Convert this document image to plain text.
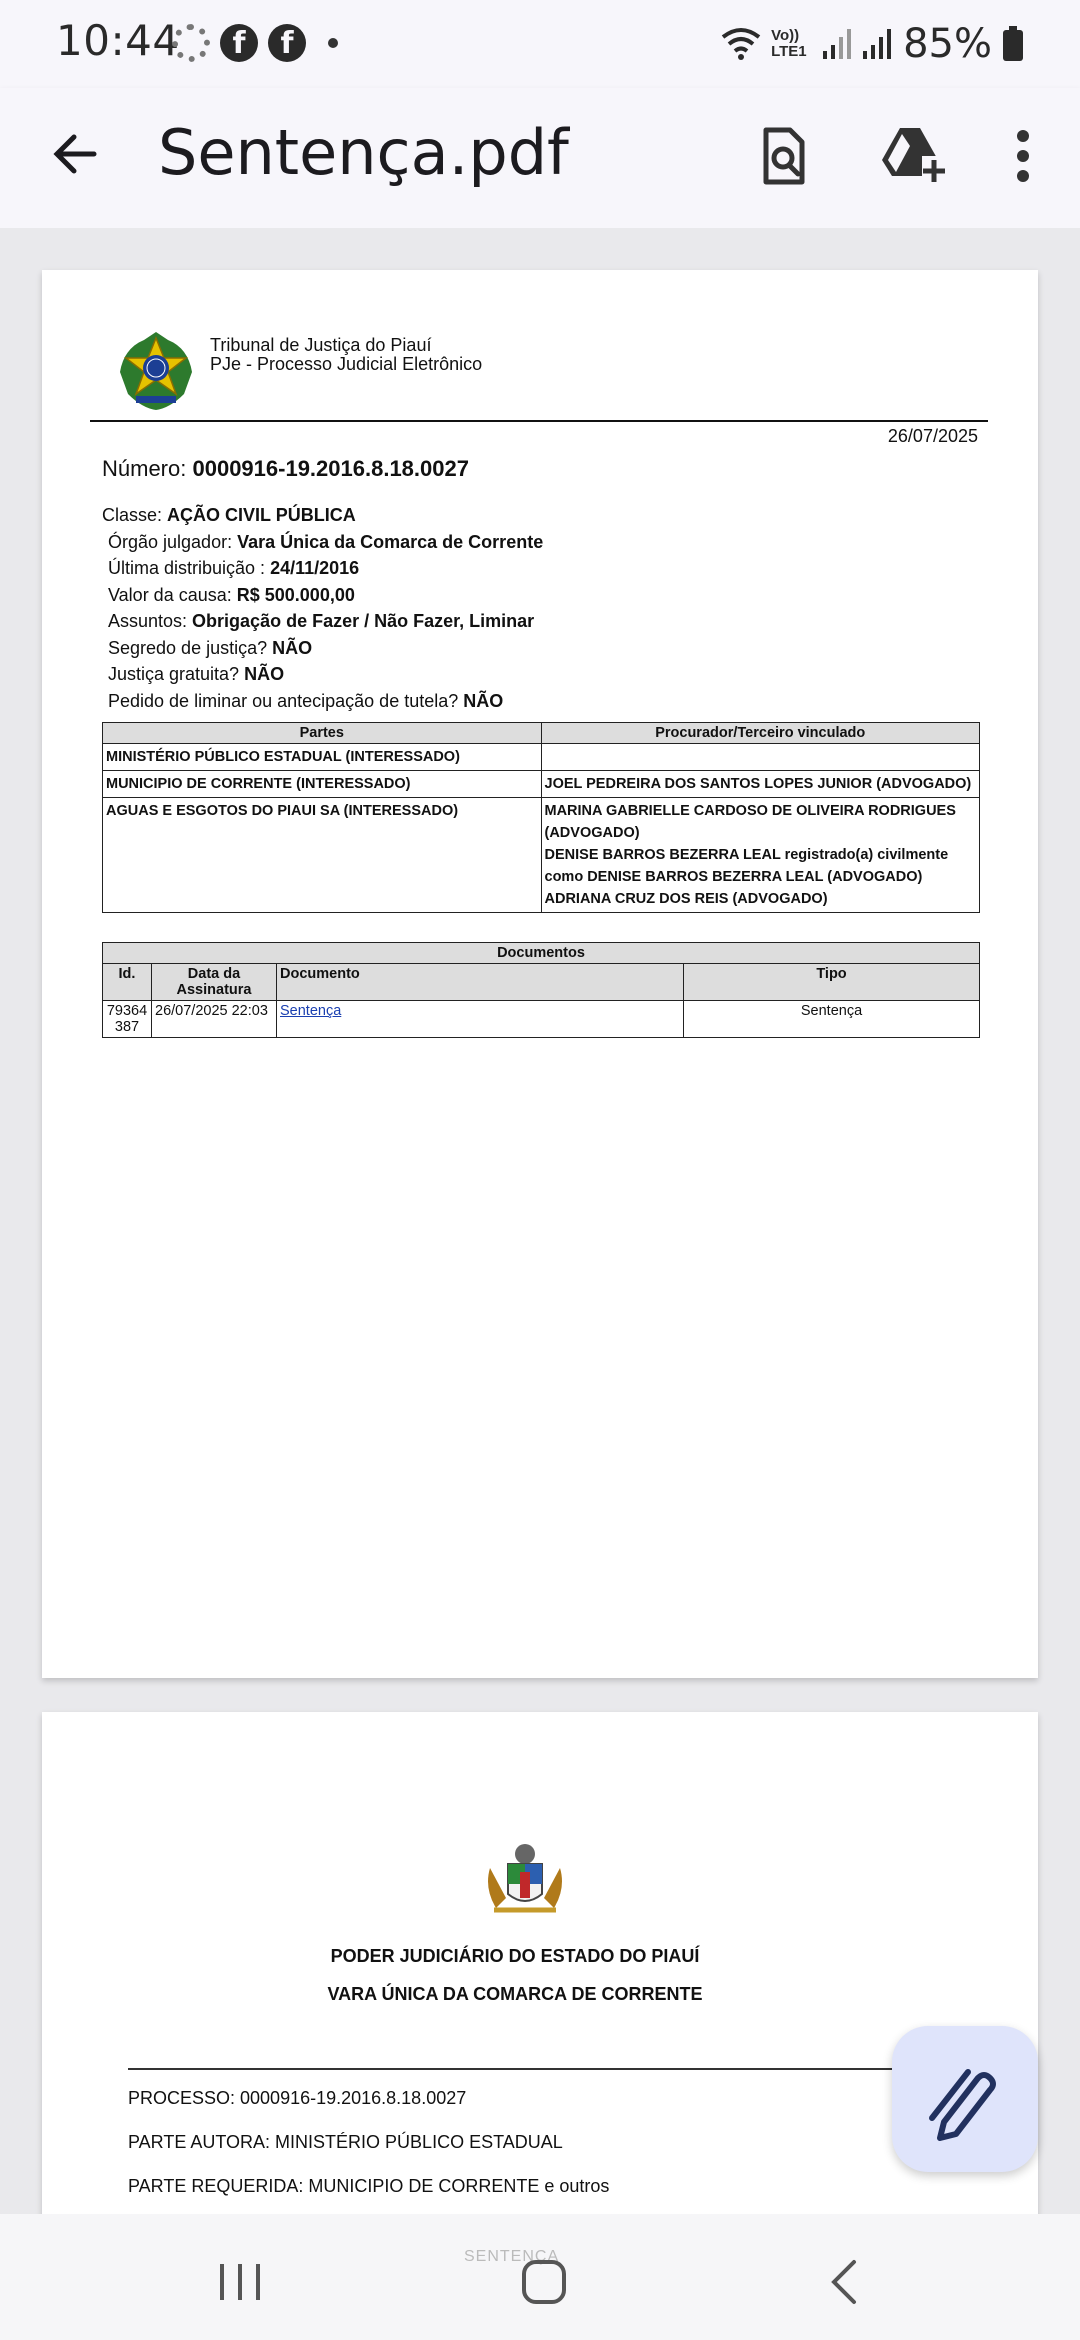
10:44	f	f	Vo)) LTE1 85%
Sentença.pdf
Tribunal de Justiça do Piauí
PJe - Processo Judicial Eletrônico
26/07/2025
Número: 0000916-19.2016.8.18.0027
Classe: AÇÃO CIVIL PÚBLICA
Órgão julgador: Vara Única da Comarca de Corrente
Última distribuição : 24/11/2016
Valor da causa: R$ 500.000,00
Assuntos: Obrigação de Fazer / Não Fazer, Liminar
Segredo de justiça? NÃO
Justiça gratuita? NÃO
Pedido de liminar ou antecipação de tutela? NÃO
Partes	Procurador/Terceiro vinculado
MINISTÉRIO PÚBLICO ESTADUAL (INTERESSADO)	
MUNICIPIO DE CORRENTE (INTERESSADO)	JOEL PEDREIRA DOS SANTOS LOPES JUNIOR (ADVOGADO)
AGUAS E ESGOTOS DO PIAUI SA (INTERESSADO)	MARINA GABRIELLE CARDOSO DE OLIVEIRA RODRIGUES (ADVOGADO)
DENISE BARROS BEZERRA LEAL registrado(a) civilmente como DENISE BARROS BEZERRA LEAL (ADVOGADO)
ADRIANA CRUZ DOS REIS (ADVOGADO)
Documentos			
Id.	Data da Assinatura	Documento	Tipo
79364387	26/07/2025 22:03	Sentença	Sentença
PODER JUDICIÁRIO DO ESTADO DO PIAUÍ
VARA ÚNICA DA COMARCA DE CORRENTE
PROCESSO: 0000916-19.2016.8.18.0027
PARTE AUTORA: MINISTÉRIO PÚBLICO ESTADUAL
PARTE REQUERIDA: MUNICIPIO DE CORRENTE e outros
SENTENÇA
